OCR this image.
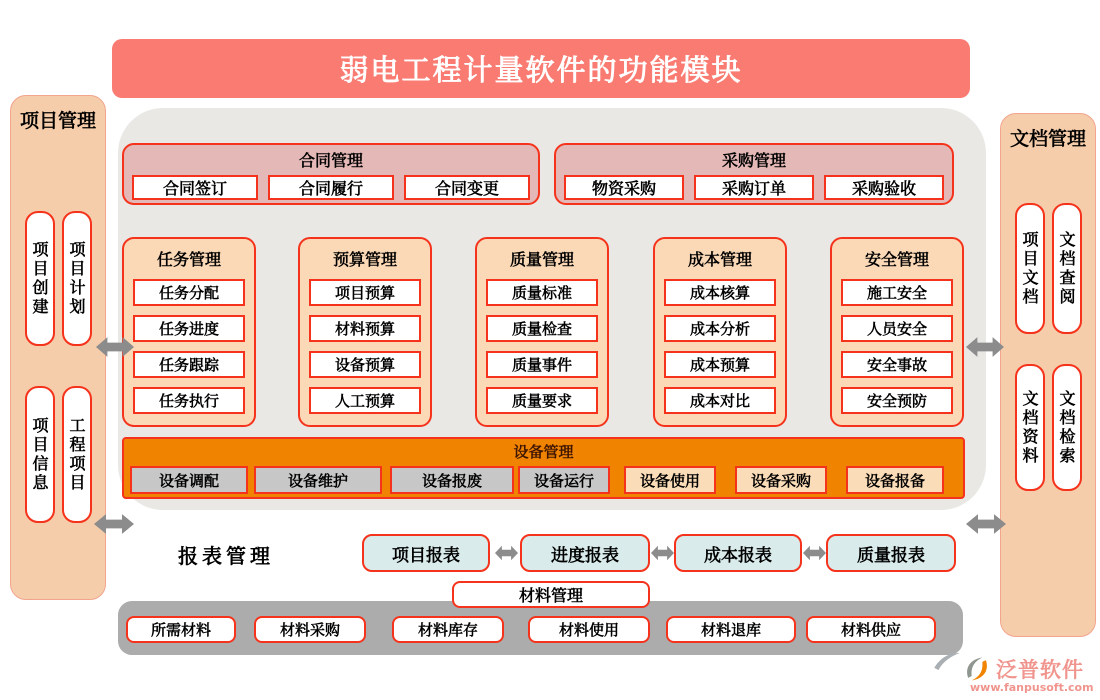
弱电工程计量软件的功能模块
项目管理
项目创建	项目计划
项目信息	工程项目
文档管理
项目文档	文档查阅
文档资料	文档检索
合同管理
合同签订	合同履行	合同变更
采购管理
物资采购	采购订单	采购验收
任务管理
任务分配
任务进度
任务跟踪
任务执行
预算管理
项目预算
材料预算
设备预算
人工预算
质量管理
质量标准
质量检查
质量事件
质量要求
成本管理
成本核算
成本分析
成本预算
成本对比
安全管理
施工安全
人员安全
安全事故
安全预防
设备管理
设备调配	设备维护	设备报废	设备运行	设备使用	设备采购	设备报备
报表管理	项目报表	进度报表	成本报表	质量报表
材料管理
所需材料	材料采购	材料库存	材料使用	材料退库	材料供应
泛普软件
www.fanpusoft.com
